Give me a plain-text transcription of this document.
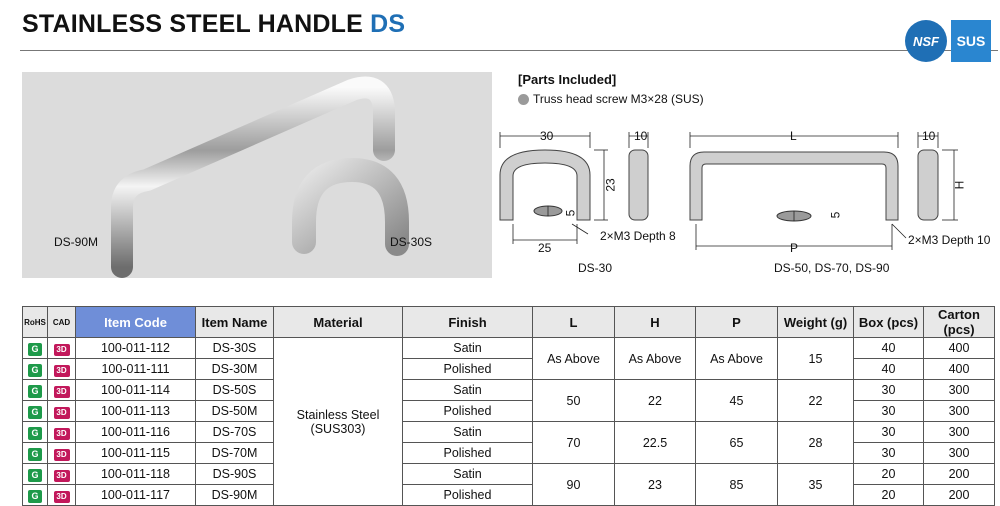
STAINLESS STEEL HANDLE DS
NSF	SUS
DS-90M	DS-30S
[Parts Included]
Truss head screw M3×28 (SUS)
30	10
23
25
5
2×M3 Depth 8
DS-30
L	10
H
P
5
2×M3 Depth 10
DS-50, DS-70, DS-90
RoHS	CAD	Item Code	Item Name	Material	Finish	L	H	P	Weight (g)	Box (pcs)	Carton (pcs)
G	3D	100-011-112	DS-30S	Stainless Steel (SUS303)	Satin	As Above	As Above	As Above	15	40	400
G	3D	100-011-111	DS-30M		Polished					40	400
G	3D	100-011-114	DS-50S		Satin	50	22	45	22	30	300
G	3D	100-011-113	DS-50M		Polished					30	300
G	3D	100-011-116	DS-70S		Satin	70	22.5	65	28	30	300
G	3D	100-011-115	DS-70M		Polished					30	300
G	3D	100-011-118	DS-90S		Satin	90	23	85	35	20	200
G	3D	100-011-117	DS-90M		Polished					20	200
